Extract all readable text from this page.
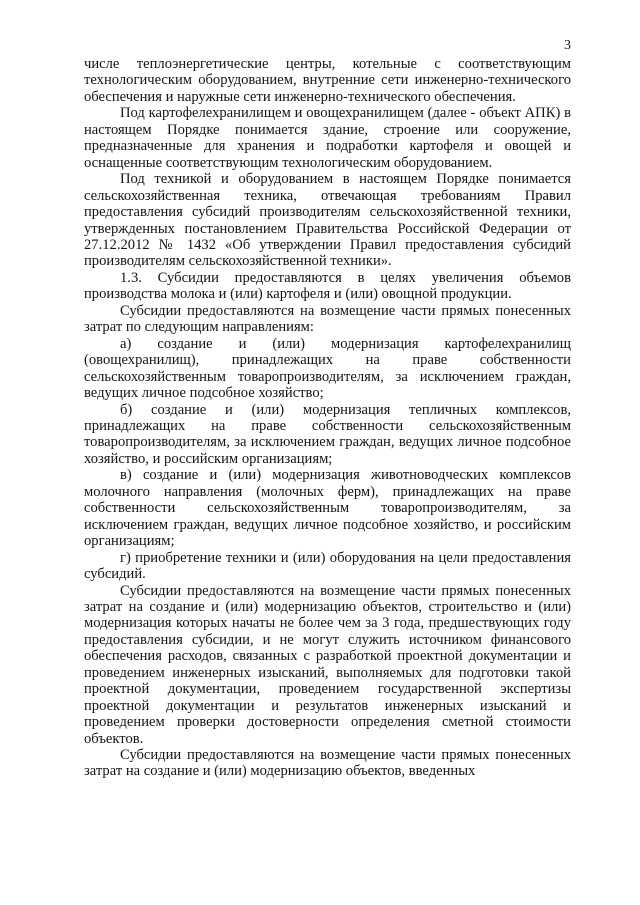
3

числе теплоэнергетические центры, котельные с соответствующим технологическим оборудованием, внутренние сети инженерно-технического обеспечения и наружные сети инженерно-технического обеспечения.

Под картофелехранилищем и овощехранилищем (далее - объект АПК) в настоящем Порядке понимается здание, строение или сооружение, предназначенные для хранения и подработки картофеля и овощей и оснащенные соответствующим технологическим оборудованием.

Под техникой и оборудованием в настоящем Порядке понимается сельскохозяйственная техника, отвечающая требованиям Правил предоставления субсидий производителям сельскохозяйственной техники, утвержденных постановлением Правительства Российской Федерации от 27.12.2012 № 1432 «Об утверждении Правил предоставления субсидий производителям сельскохозяйственной техники».

1.3. Субсидии предоставляются в целях увеличения объемов производства молока и (или) картофеля и (или) овощной продукции.

Субсидии предоставляются на возмещение части прямых понесенных затрат по следующим направлениям:

а) создание и (или) модернизация картофелехранилищ (овощехранилищ), принадлежащих на праве собственности сельскохозяйственным товаропроизводителям, за исключением граждан, ведущих личное подсобное хозяйство;

б) создание и (или) модернизация тепличных комплексов, принадлежащих на праве собственности сельскохозяйственным товаропроизводителям, за исключением граждан, ведущих личное подсобное хозяйство, и российским организациям;

в) создание и (или) модернизация животноводческих комплексов молочного направления (молочных ферм), принадлежащих на праве собственности сельскохозяйственным товаропроизводителям, за исключением граждан, ведущих личное подсобное хозяйство, и российским организациям;

г) приобретение техники и (или) оборудования на цели предоставления субсидий.

Субсидии предоставляются на возмещение части прямых понесенных затрат на создание и (или) модернизацию объектов, строительство и (или) модернизация которых начаты не более чем за 3 года, предшествующих году предоставления субсидии, и не могут служить источником финансового обеспечения расходов, связанных с разработкой проектной документации и проведением инженерных изысканий, выполняемых для подготовки такой проектной документации, проведением государственной экспертизы проектной документации и результатов инженерных изысканий и проведением проверки достоверности определения сметной стоимости объектов.

Субсидии предоставляются на возмещение части прямых понесенных затрат на создание и (или) модернизацию объектов, введенных
